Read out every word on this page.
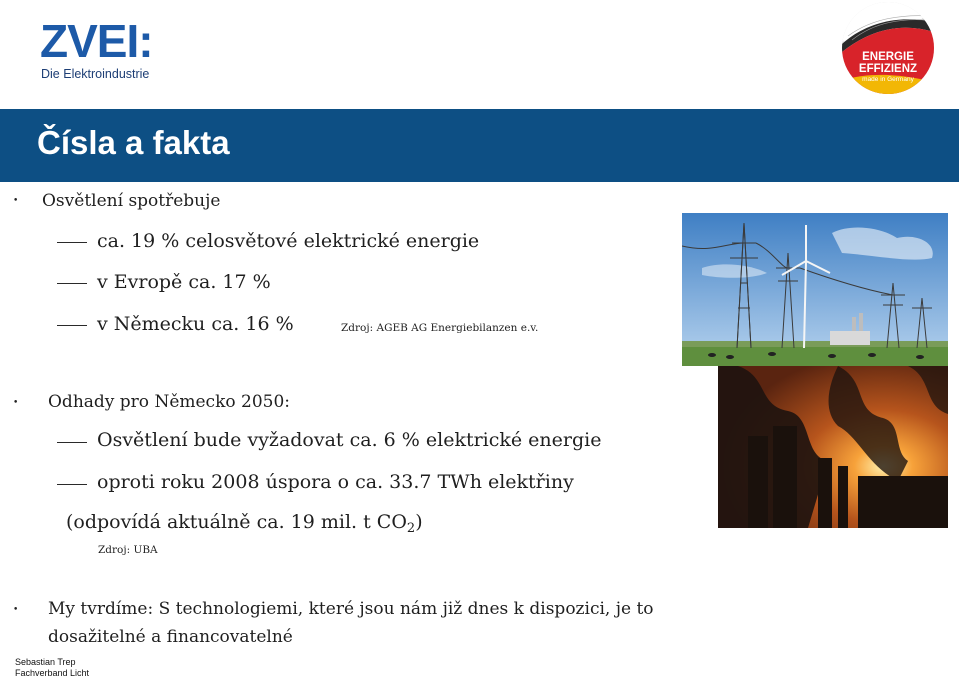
ZVEI:
Die Elektroindustrie
ENERGIE
EFFIZIENZ
made in Germany
Čísla a fakta
• Osvětlení spotřebuje
ca. 19 % celosvětové elektrické energie
v Evropě ca. 17 %
v Německu ca. 16 %	Zdroj: AGEB AG Energiebilanzen e.v.
• Odhady pro Německo 2050:
Osvětlení bude vyžadovat ca. 6 % elektrické energie
oproti roku 2008 úspora o ca. 33.7 TWh elektřiny
(odpovídá aktuálně ca. 19 mil. t $CO_2$)
Zdroj: UBA
• My tvrdíme: S technologiemi, které jsou nám již dnes k dispozici, je to
dosažitelné a financovatelné
Sebastian Trep
Fachverband Licht
